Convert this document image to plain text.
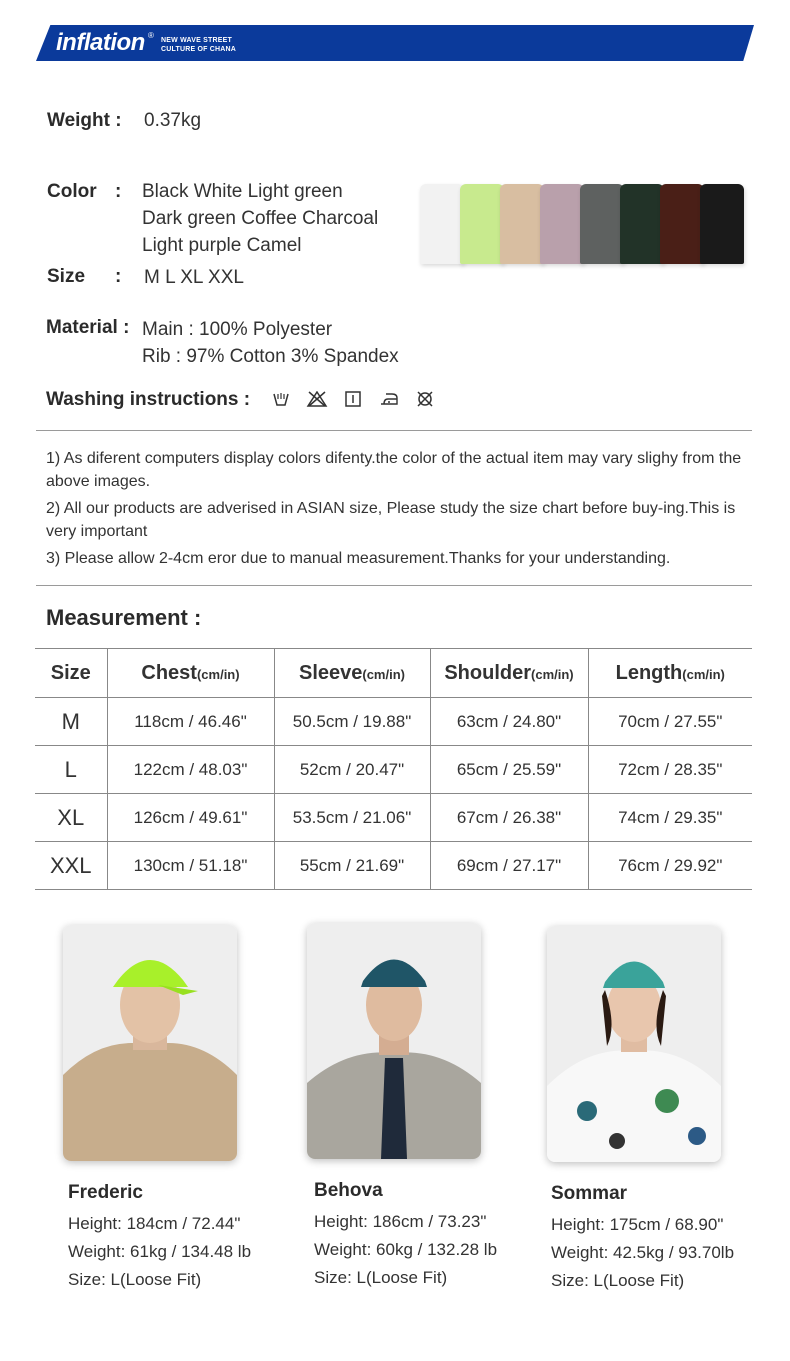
inflation ®
NEW WAVE STREET
CULTURE OF CHANA
Weight : 0.37kg
Color : Black White Light green
Dark green Coffee Charcoal
Light purple Camel
Size : M L XL XXL
Material : Main : 100% Polyester
Rib : 97% Cotton 3% Spandex
Washing instructions :
1) As diferent computers display colors difenty.the color of the actual item may vary slighy from the above images.
2) All our products are adverised in ASIAN size, Please study the size chart before buy-ing.This is very important
3) Please allow 2-4cm eror due to manual measurement.Thanks for your understanding.
Measurement :
Size	Chest(cm/in)	Sleeve(cm/in)	Shoulder(cm/in)	Length(cm/in)
M	118cm / 46.46"	50.5cm / 19.88"	63cm / 24.80"	70cm / 27.55"
L	122cm / 48.03"	52cm / 20.47"	65cm / 25.59"	72cm / 28.35"
XL	126cm / 49.61"	53.5cm / 21.06"	67cm / 26.38"	74cm / 29.35"
XXL	130cm / 51.18"	55cm / 21.69"	69cm / 27.17"	76cm / 29.92"
Frederic
Height: 184cm / 72.44"
Weight: 61kg / 134.48 lb
Size: L(Loose Fit)
Behova
Height: 186cm / 73.23"
Weight: 60kg / 132.28 lb
Size: L(Loose Fit)
Sommar
Height: 175cm / 68.90"
Weight: 42.5kg / 93.70lb
Size: L(Loose Fit)
